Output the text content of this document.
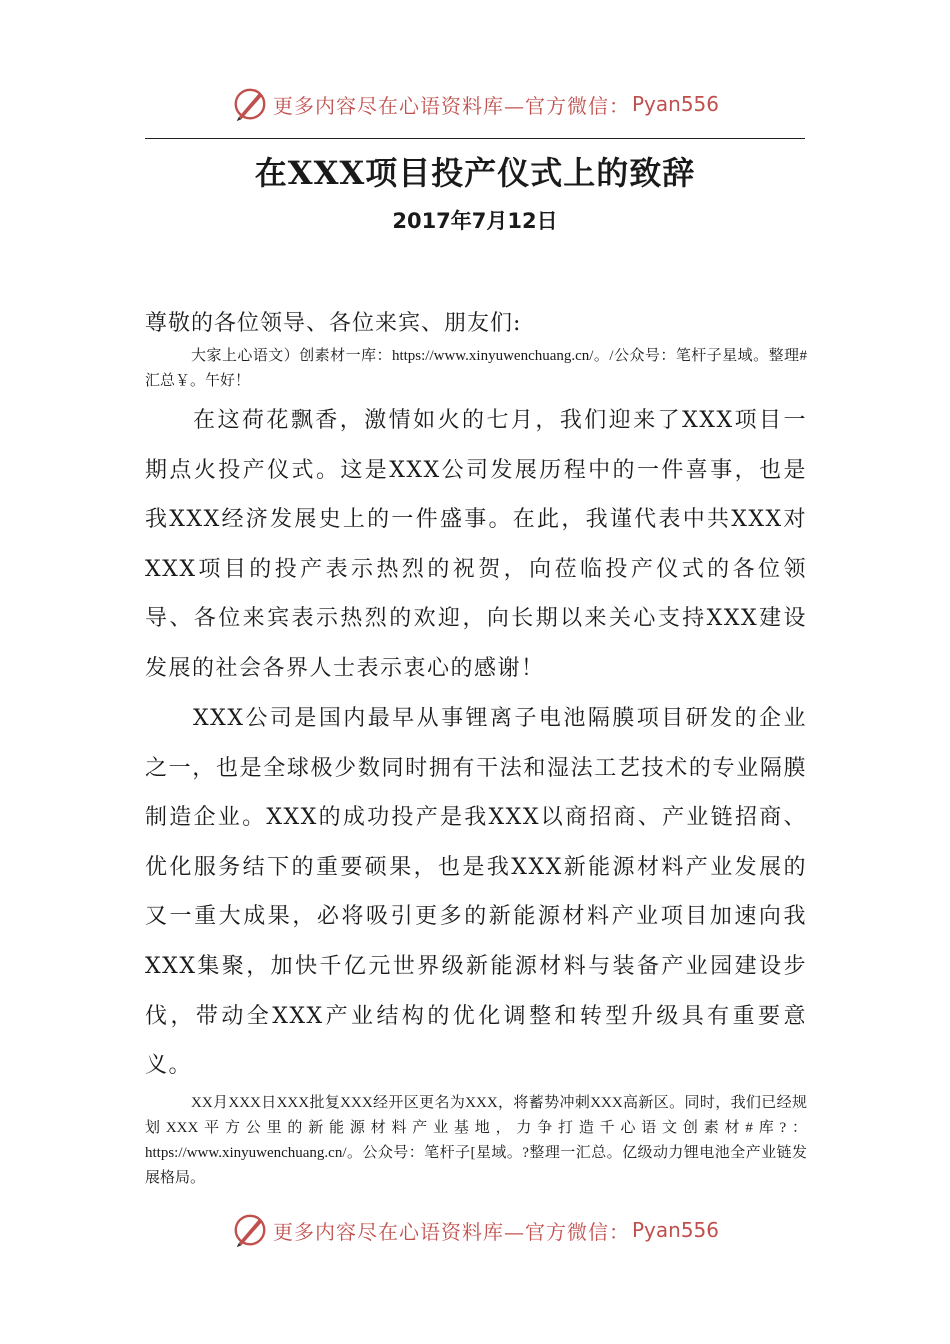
更多内容尽在心语资料库—官方微信： Pyan556
在XXX项目投产仪式上的致辞
2017年7月12日
尊敬的各位领导、各位来宾、朋友们:
大家上心语文）创素材一库：https://www.xinyuwenchuang.cn/。/公众号：笔杆子星域。整理#汇总￥。午好！
在这荷花飘香，激情如火的七月，我们迎来了XXX项目一期点火投产仪式。这是XXX公司发展历程中的一件喜事，也是我XXX经济发展史上的一件盛事。在此，我谨代表中共XXX对XXX项目的投产表示热烈的祝贺，向莅临投产仪式的各位领导、各位来宾表示热烈的欢迎，向长期以来关心支持XXX建设发展的社会各界人士表示衷心的感谢！
XXX公司是国内最早从事锂离子电池隔膜项目研发的企业之一，也是全球极少数同时拥有干法和湿法工艺技术的专业隔膜制造企业。XXX的成功投产是我XXX以商招商、产业链招商、优化服务结下的重要硕果，也是我XXX新能源材料产业发展的又一重大成果，必将吸引更多的新能源材料产业项目加速向我XXX集聚，加快千亿元世界级新能源材料与装备产业园建设步伐，带动全XXX产业结构的优化调整和转型升级具有重要意义。
XX月XXX日XXX批复XXX经开区更名为XXX，将蓄势冲刺XXX高新区。同时，我们已经规划XXX平方公里的新能源材料产业基地，力争打造千心语文创素材#库?：https://www.xinyuwenchuang.cn/。公众号：笔杆子[星域。?整理一汇总。亿级动力锂电池全产业链发展格局。
更多内容尽在心语资料库—官方微信： Pyan556
